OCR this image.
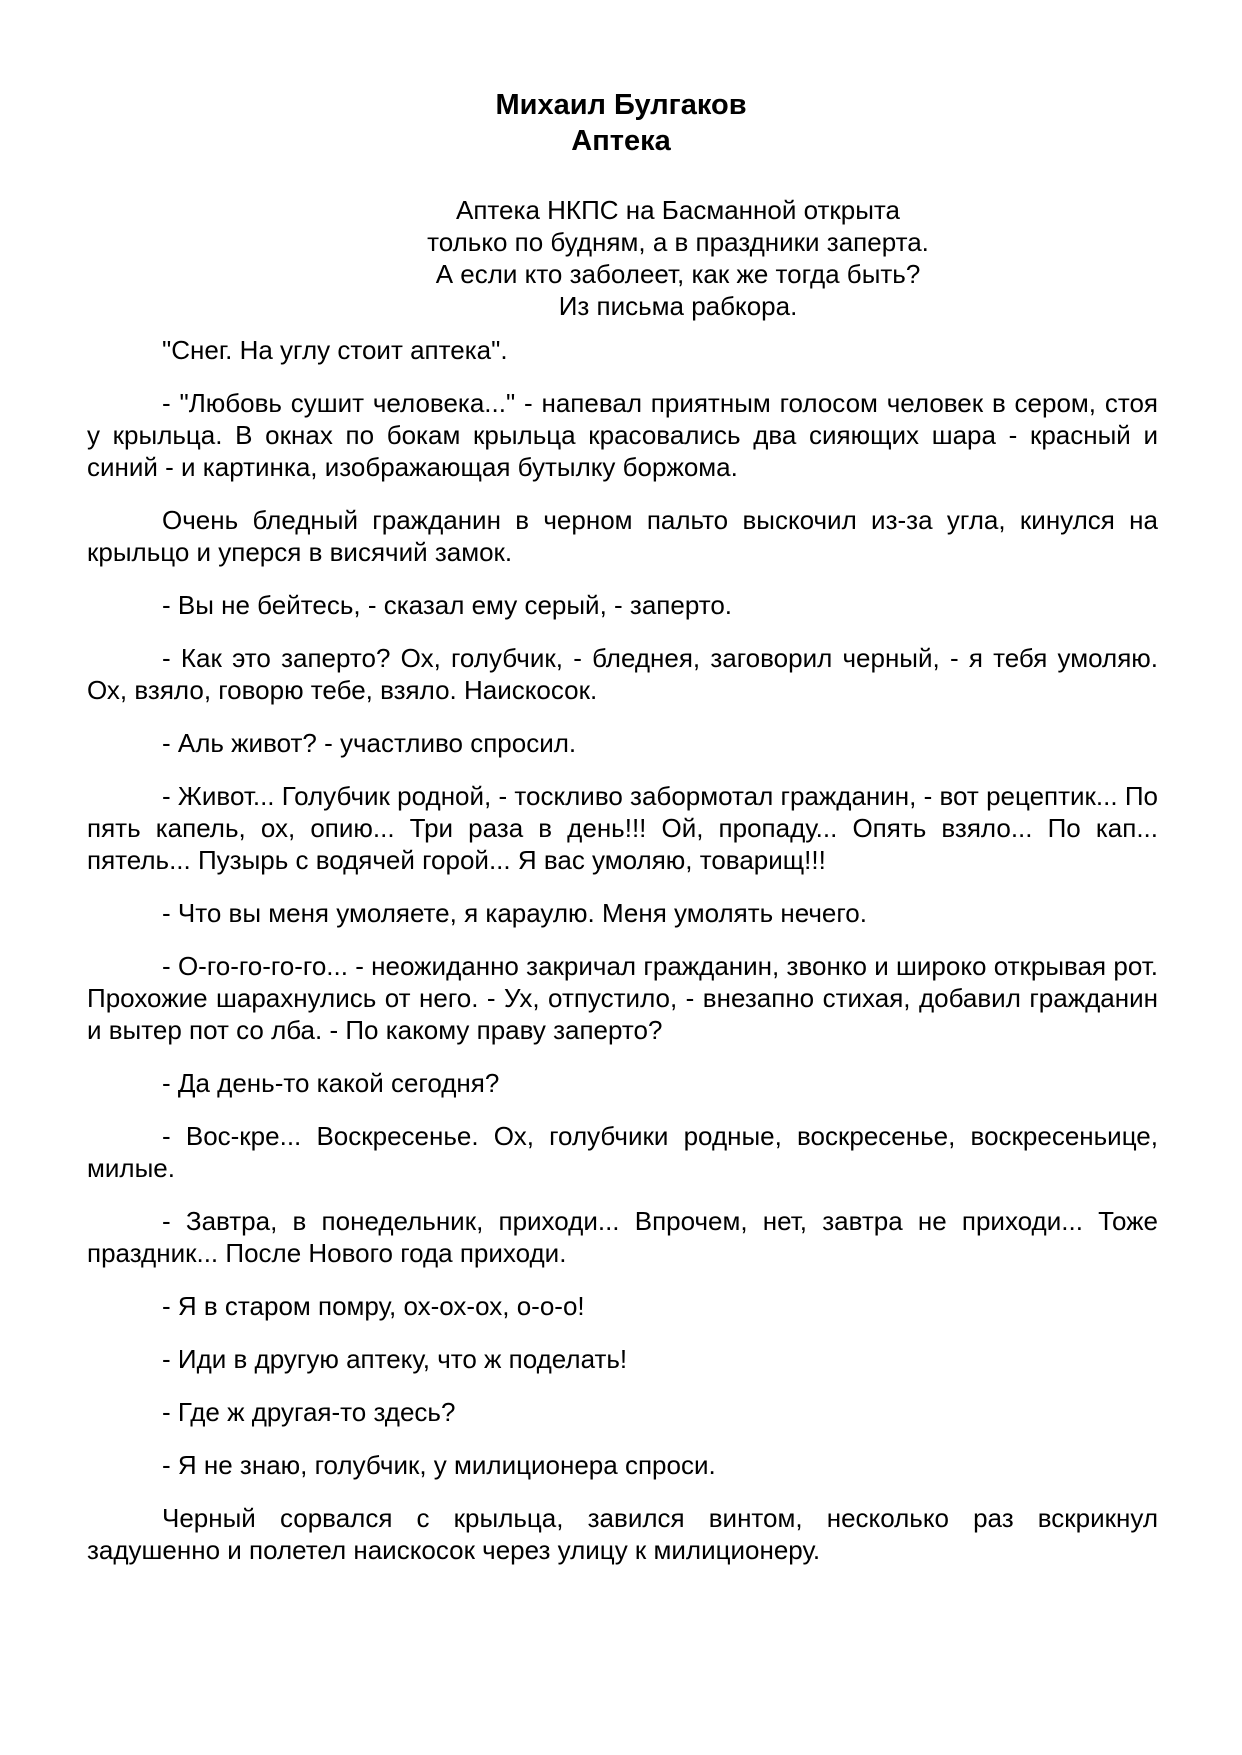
Михаил Булгаков
Аптека
Аптека НКПС на Басманной открыта
только по будням, а в праздники заперта.
А если кто заболеет, как же тогда быть?
Из письма рабкора.

"Снег. На углу стоит аптека".

- "Любовь сушит человека..." - напевал приятным голосом человек в сером, стоя у крыльца. В окнах по бокам крыльца красовались два сияющих шара - красный и синий - и картинка, изображающая бутылку боржома.

Очень бледный гражданин в черном пальто выскочил из-за угла, кинулся на крыльцо и уперся в висячий замок.

- Вы не бейтесь, - сказал ему серый, - заперто.

- Как это заперто? Ох, голубчик, - бледнея, заговорил черный, - я тебя умоляю. Ох, взяло, говорю тебе, взяло. Наискосок.

- Аль живот? - участливо спросил.

- Живот... Голубчик родной, - тоскливо забормотал гражданин, - вот рецептик... По пять капель, ох, опию... Три раза в день!!! Ой, пропаду... Опять взяло... По кап... пятель... Пузырь с водячей горой... Я вас умоляю, товарищ!!!

- Что вы меня умоляете, я караулю. Меня умолять нечего.

- О-го-го-го-го... - неожиданно закричал гражданин, звонко и широко открывая рот. Прохожие шарахнулись от него. - Ух, отпустило, - внезапно стихая, добавил гражданин и вытер пот со лба. - По какому праву заперто?

- Да день-то какой сегодня?

- Вос-кре... Воскресенье. Ох, голубчики родные, воскресенье, воскресеньице, милые.

- Завтра, в понедельник, приходи... Впрочем, нет, завтра не приходи... Тоже праздник... После Нового года приходи.

- Я в старом помру, ох-ох-ох, о-о-о!

- Иди в другую аптеку, что ж поделать!

- Где ж другая-то здесь?

- Я не знаю, голубчик, у милиционера спроси.

Черный сорвался с крыльца, завился винтом, несколько раз вскрикнул задушенно и полетел наискосок через улицу к милиционеру.
